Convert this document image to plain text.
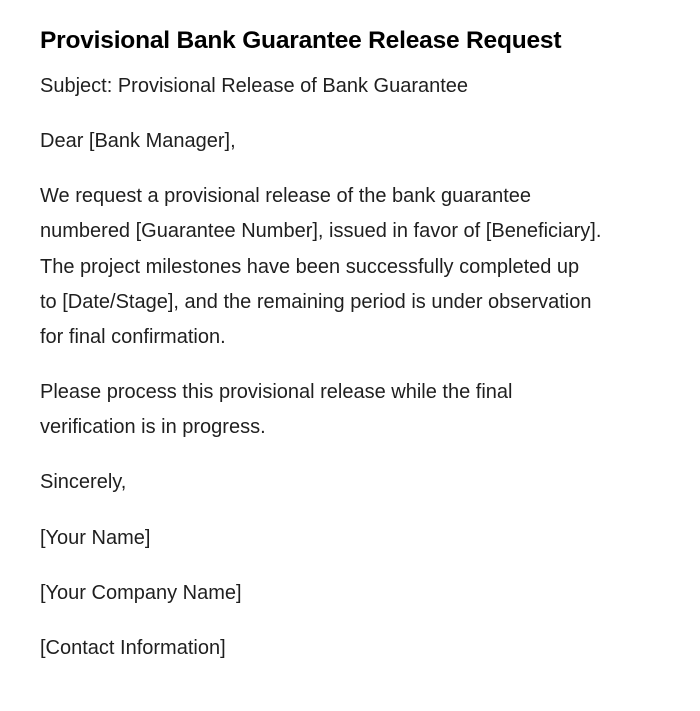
Provisional Bank Guarantee Release Request
Subject: Provisional Release of Bank Guarantee
Dear [Bank Manager],
We request a provisional release of the bank guarantee
numbered [Guarantee Number], issued in favor of [Beneficiary].
The project milestones have been successfully completed up
to [Date/Stage], and the remaining period is under observation
for final confirmation.
Please process this provisional release while the final
verification is in progress.
Sincerely,
[Your Name]
[Your Company Name]
[Contact Information]
